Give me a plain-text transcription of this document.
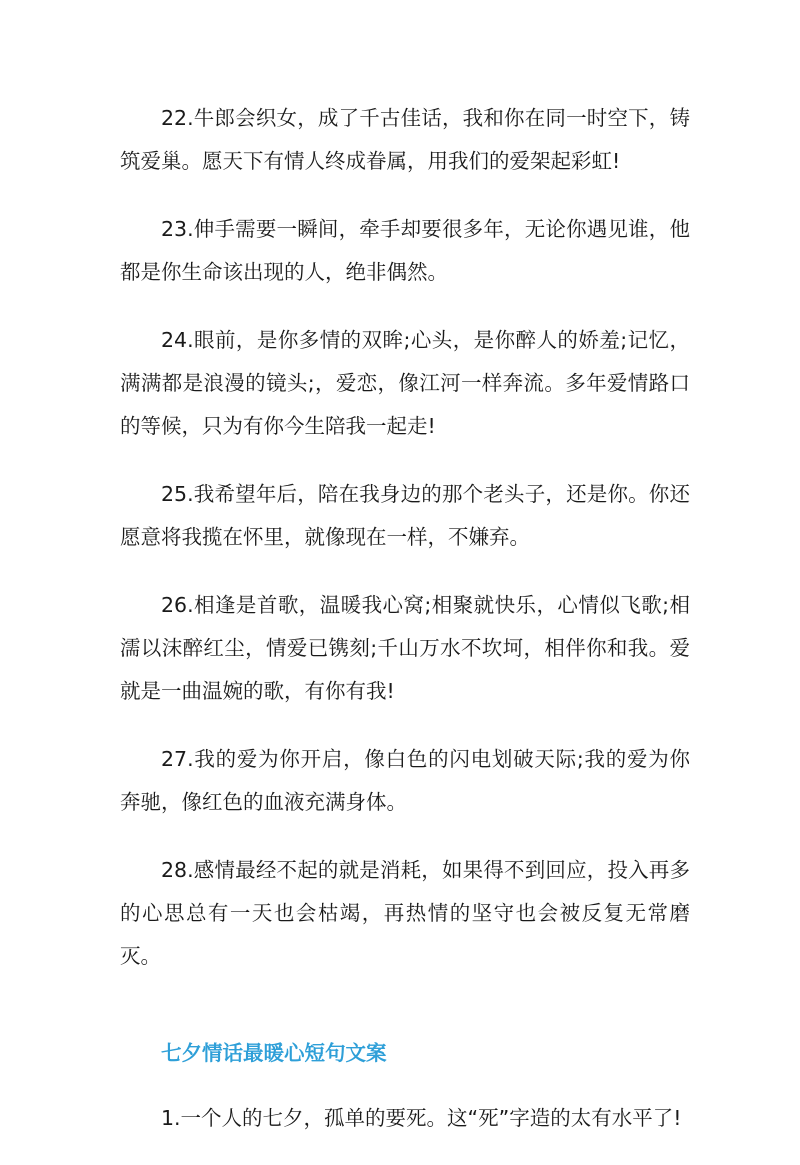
22.牛郎会织女，成了千古佳话，我和你在同一时空下，铸筑爱巢。愿天下有情人终成眷属，用我们的爱架起彩虹!

23.伸手需要一瞬间，牵手却要很多年，无论你遇见谁，他都是你生命该出现的人，绝非偶然。

24.眼前，是你多情的双眸;心头，是你醉人的娇羞;记忆，满满都是浪漫的镜头;，爱恋，像江河一样奔流。多年爱情路口的等候，只为有你今生陪我一起走!

25.我希望年后，陪在我身边的那个老头子，还是你。你还愿意将我揽在怀里，就像现在一样，不嫌弃。

26.相逢是首歌，温暖我心窝;相聚就快乐，心情似飞歌;相濡以沫醉红尘，情爱已镌刻;千山万水不坎坷，相伴你和我。爱就是一曲温婉的歌，有你有我!

27.我的爱为你开启，像白色的闪电划破天际;我的爱为你奔驰，像红色的血液充满身体。

28.感情最经不起的就是消耗，如果得不到回应，投入再多的心思总有一天也会枯竭，再热情的坚守也会被反复无常磨灭。

七夕情话最暖心短句文案

1.一个人的七夕，孤单的要死。这“死”字造的太有水平了!
